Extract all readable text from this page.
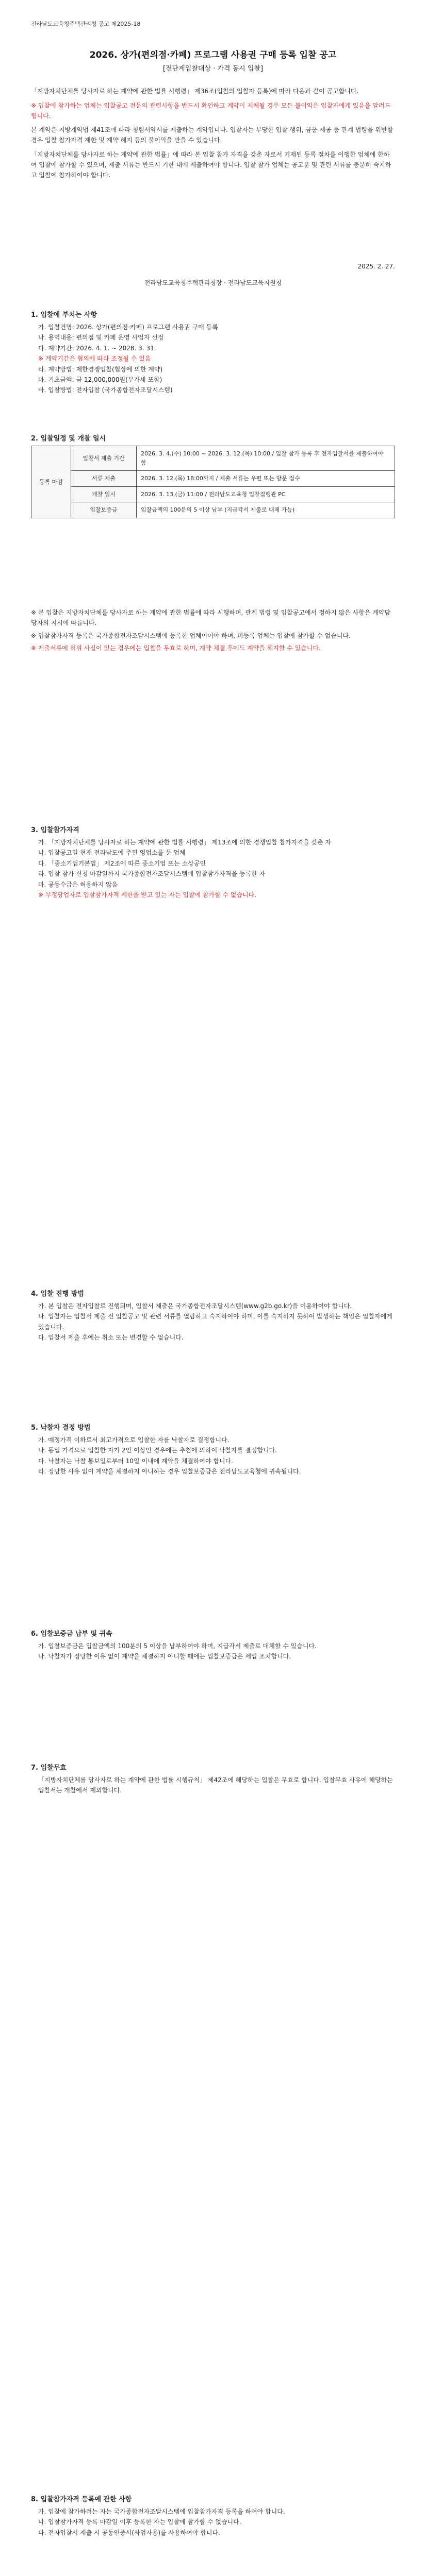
전라남도교육청주택관리청 공고 제2025-18
2026. 상가(편의점·카페) 프로그램 사용권 구매 등록 입찰 공고
[전단계입찰대상 · 가격 동시 입찰]

「지방자치단체를 당사자로 하는 계약에 관한 법률 시행령」 제36조(입찰의 입찰자 등록)에 따라 다음과 같이 공고합니다.

※ 입찰에 참가하는 업체는 입찰공고 전문의 관련사항을 반드시 확인하고 계약이 지체될 경우 모든 불이익은 입찰자에게 있음을 알려드립니다.

본 계약은 지방계약법 제41조에 따라 청렴서약서를 제출하는 계약입니다. 입찰자는 부당한 입찰 행위, 금품 제공 등 관계 법령을 위반할 경우 입찰 참가자격 제한 및 계약 해지 등의 불이익을 받을 수 있습니다.

「지방자치단체를 당사자로 하는 계약에 관한 법률」에 따라 본 입찰 참가 자격을 갖춘 자로서 기재된 등록 절차를 이행한 업체에 한하여 입찰에 참가할 수 있으며, 제출 서류는 반드시 기한 내에 제출하여야 합니다. 입찰 참가 업체는 공고문 및 관련 서류를 충분히 숙지하고 입찰에 참가하여야 합니다.

2025. 2. 27.
전라남도교육청주택관리청장 · 전라남도교육지원청

1. 입찰에 부치는 사항

가. 입찰건명: 2026. 상가(편의점·카페) 프로그램 사용권 구매 등록

나. 용역내용: 편의점 및 카페 운영 사업자 선정

다. 계약기간: 2026. 4. 1. ~ 2028. 3. 31.

※ 계약기간은 협의에 따라 조정될 수 있음

라. 계약방법: 제한경쟁입찰(협상에 의한 계약)

마. 기초금액: 금 12,000,000원(부가세 포함)

바. 입찰방법: 전자입찰 (국가종합전자조달시스템)

2. 입찰일정 및 개찰 일시

등록 마감	입찰서 제출 기간	2026. 3. 4.(수) 10:00 ~ 2026. 3. 12.(목) 10:00 / 입찰 참가 등록 후 전자입찰서를 제출하여야 함
	서류 제출	2026. 3. 12.(목) 18:00까지 / 제출 서류는 우편 또는 방문 접수
	개찰 일시	2026. 3. 13.(금) 11:00 / 전라남도교육청 입찰집행관 PC
	입찰보증금	입찰금액의 100분의 5 이상 납부 (지급각서 제출로 대체 가능)

※ 본 입찰은 지방자치단체를 당사자로 하는 계약에 관한 법률에 따라 시행하며, 관계 법령 및 입찰공고에서 정하지 않은 사항은 계약담당자의 지시에 따릅니다.

※ 입찰참가자격 등록은 국가종합전자조달시스템에 등록한 업체이어야 하며, 미등록 업체는 입찰에 참가할 수 없습니다.

※ 제출서류에 허위 사실이 있는 경우에는 입찰을 무효로 하며, 계약 체결 후에도 계약을 해지할 수 있습니다.

3. 입찰참가자격

가. 「지방자치단체를 당사자로 하는 계약에 관한 법률 시행령」 제13조에 의한 경쟁입찰 참가자격을 갖춘 자

나. 입찰공고일 현재 전라남도에 주된 영업소를 둔 업체

다. 「중소기업기본법」 제2조에 따른 중소기업 또는 소상공인

라. 입찰 참가 신청 마감일까지 국가종합전자조달시스템에 입찰참가자격을 등록한 자

마. 공동수급은 허용하지 않음

※ 부정당업자로 입찰참가자격 제한을 받고 있는 자는 입찰에 참가할 수 없습니다.

4. 입찰 진행 방법

가. 본 입찰은 전자입찰로 진행되며, 입찰서 제출은 국가종합전자조달시스템(www.g2b.go.kr)을 이용하여야 합니다.

나. 입찰자는 입찰서 제출 전 입찰공고 및 관련 서류를 열람하고 숙지하여야 하며, 이를 숙지하지 못하여 발생하는 책임은 입찰자에게 있습니다.

다. 입찰서 제출 후에는 취소 또는 변경할 수 없습니다.

5. 낙찰자 결정 방법

가. 예정가격 이하로서 최고가격으로 입찰한 자를 낙찰자로 결정합니다.

나. 동일 가격으로 입찰한 자가 2인 이상인 경우에는 추첨에 의하여 낙찰자를 결정합니다.

다. 낙찰자는 낙찰 통보일로부터 10일 이내에 계약을 체결하여야 합니다.

라. 정당한 사유 없이 계약을 체결하지 아니하는 경우 입찰보증금은 전라남도교육청에 귀속됩니다.

6. 입찰보증금 납부 및 귀속

가. 입찰보증금은 입찰금액의 100분의 5 이상을 납부하여야 하며, 지급각서 제출로 대체할 수 있습니다.

나. 낙찰자가 정당한 이유 없이 계약을 체결하지 아니할 때에는 입찰보증금은 세입 조치합니다.

7. 입찰무효

「지방자치단체를 당사자로 하는 계약에 관한 법률 시행규칙」 제42조에 해당하는 입찰은 무효로 합니다. 입찰무효 사유에 해당하는 입찰서는 개찰에서 제외합니다.

8. 입찰참가자격 등록에 관한 사항

가. 입찰에 참가하려는 자는 국가종합전자조달시스템에 입찰참가자격 등록을 하여야 합니다.

나. 입찰참가자격 등록 마감일 이후 등록한 자는 입찰에 참가할 수 없습니다.

다. 전자입찰서 제출 시 공동인증서(사업자용)를 사용하여야 합니다.
